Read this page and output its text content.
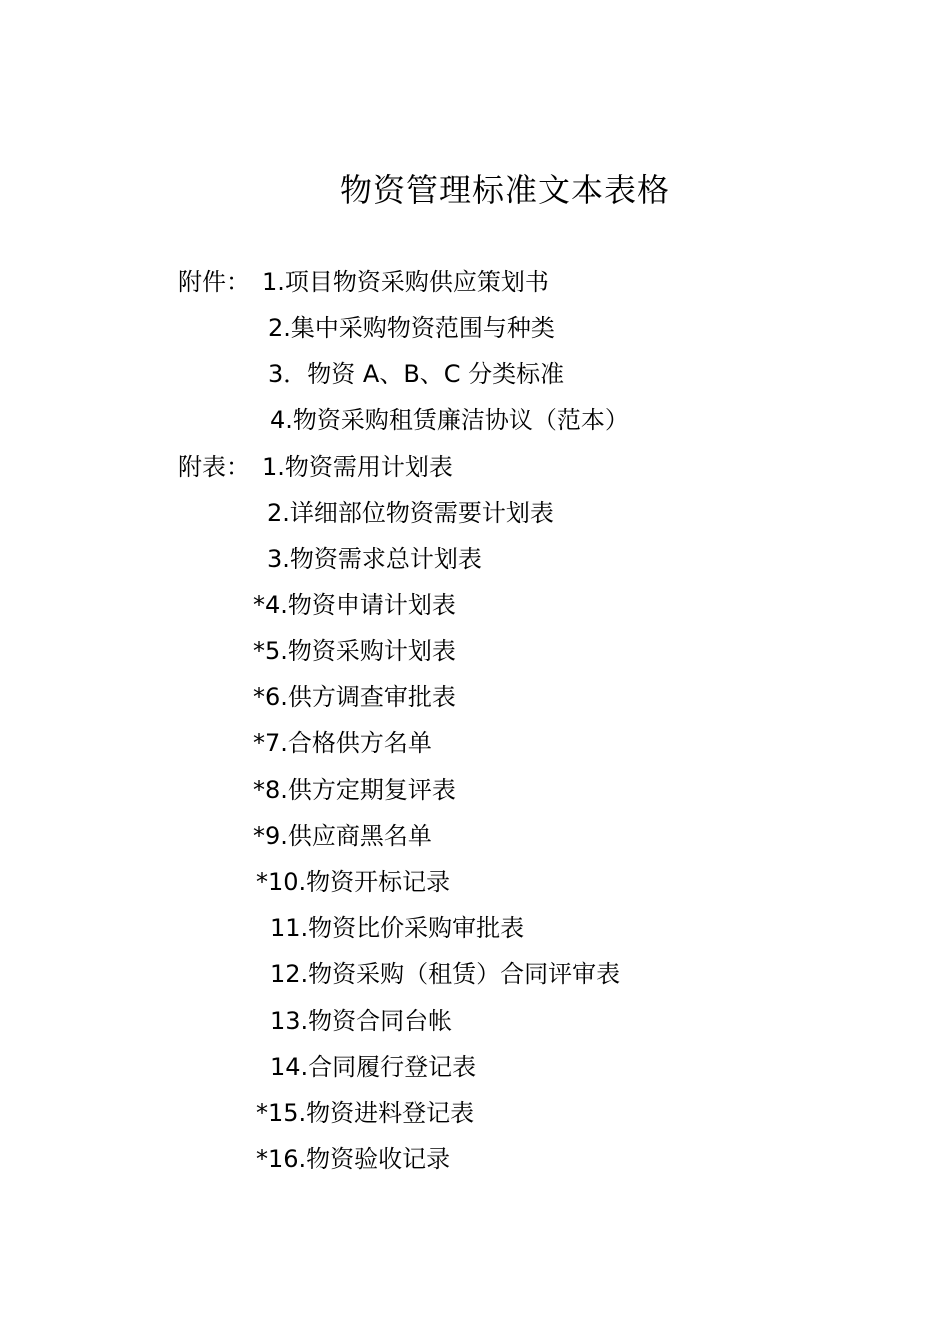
物资管理标准文本表格
附件： 1.项目物资采购供应策划书
2.集中采购物资范围与种类
3．物资 A、B、C 分类标准
4.物资采购租赁廉洁协议（范本）
附表： 1.物资需用计划表
2.详细部位物资需要计划表
3.物资需求总计划表
*4.物资申请计划表
*5.物资采购计划表
*6.供方调查审批表
*7.合格供方名单
*8.供方定期复评表
*9.供应商黑名单
*10.物资开标记录
11.物资比价采购审批表
12.物资采购（租赁）合同评审表
13.物资合同台帐
14.合同履行登记表
*15.物资进料登记表
*16.物资验收记录
